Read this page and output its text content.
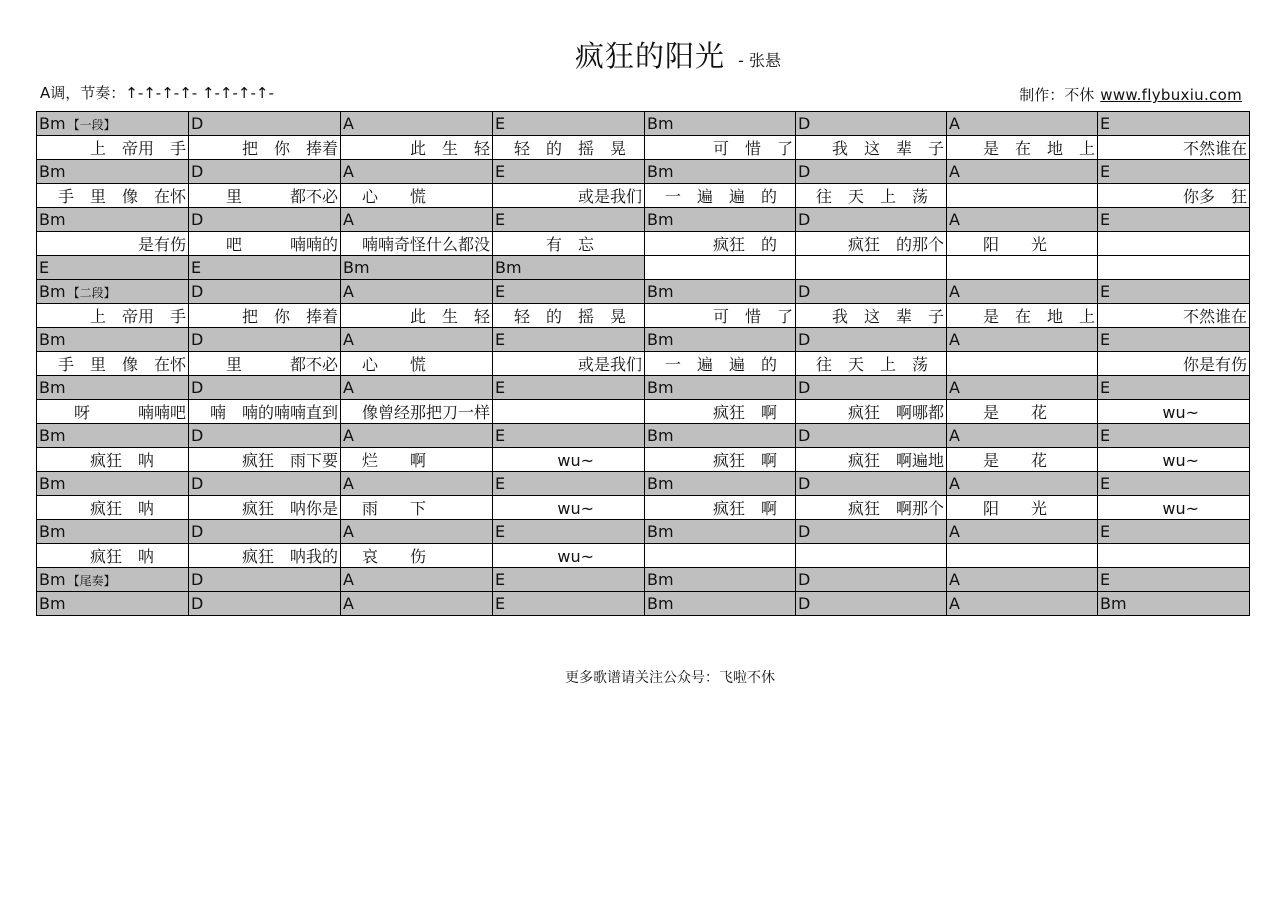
疯狂的阳光 - 张悬
A调，节奏：↑-↑-↑-↑- ↑-↑-↑-↑-	制作：不休 www.flybuxiu.com
Bm 【一段】	D	A	E	Bm	D	A	E
上　帝用　手	把　你　捧着	此　生　轻	轻　的　摇　晃　	可　惜　了	我　这　辈　子	是　在　地　上	不然谁在
Bm	D	A	E	Bm	D	A	E
手　里　像　在怀	里　　　都不必	心　　慌　　　　	或是我们	一　遍　遍　的　	往　天　上　荡　		你多　狂
Bm	D	A	E	Bm	D	A	E
是有伤	吧　　　喃喃的	喃喃奇怪什么都没	有　忘　　　	疯狂　的　	疯狂　的那个	阳　　光　　　	
E	E	Bm	Bm				
Bm 【二段】	D	A	E	Bm	D	A	E
上　帝用　手	把　你　捧着	此　生　轻	轻　的　摇　晃　	可　惜　了	我　这　辈　子	是　在　地　上	不然谁在
Bm	D	A	E	Bm	D	A	E
手　里　像　在怀	里　　　都不必	心　　慌　　　　	或是我们	一　遍　遍　的　	往　天　上　荡　		你是有伤
Bm	D	A	E	Bm	D	A	E
呀　　　喃喃吧	喃　喃的喃喃直到	像曾经那把刀一样		疯狂　啊　	疯狂　啊哪都	是　　花　　　	wu~　　　
Bm	D	A	E	Bm	D	A	E
疯狂　呐　　	疯狂　雨下要	烂　　啊　　　　	wu~　　　	疯狂　啊　	疯狂　啊遍地	是　　花　　　	wu~　　　
Bm	D	A	E	Bm	D	A	E
疯狂　呐　　	疯狂　呐你是	雨　　下　　　　	wu~　　　	疯狂　啊　	疯狂　啊那个	阳　　光　　　	wu~　　　
Bm	D	A	E	Bm	D	A	E
疯狂　呐　　	疯狂　呐我的	哀　　伤　　　　	wu~　　　				
Bm 【尾奏】	D	A	E	Bm	D	A	E
Bm	D	A	E	Bm	D	A	Bm
更多歌谱请关注公众号：飞啦不休
